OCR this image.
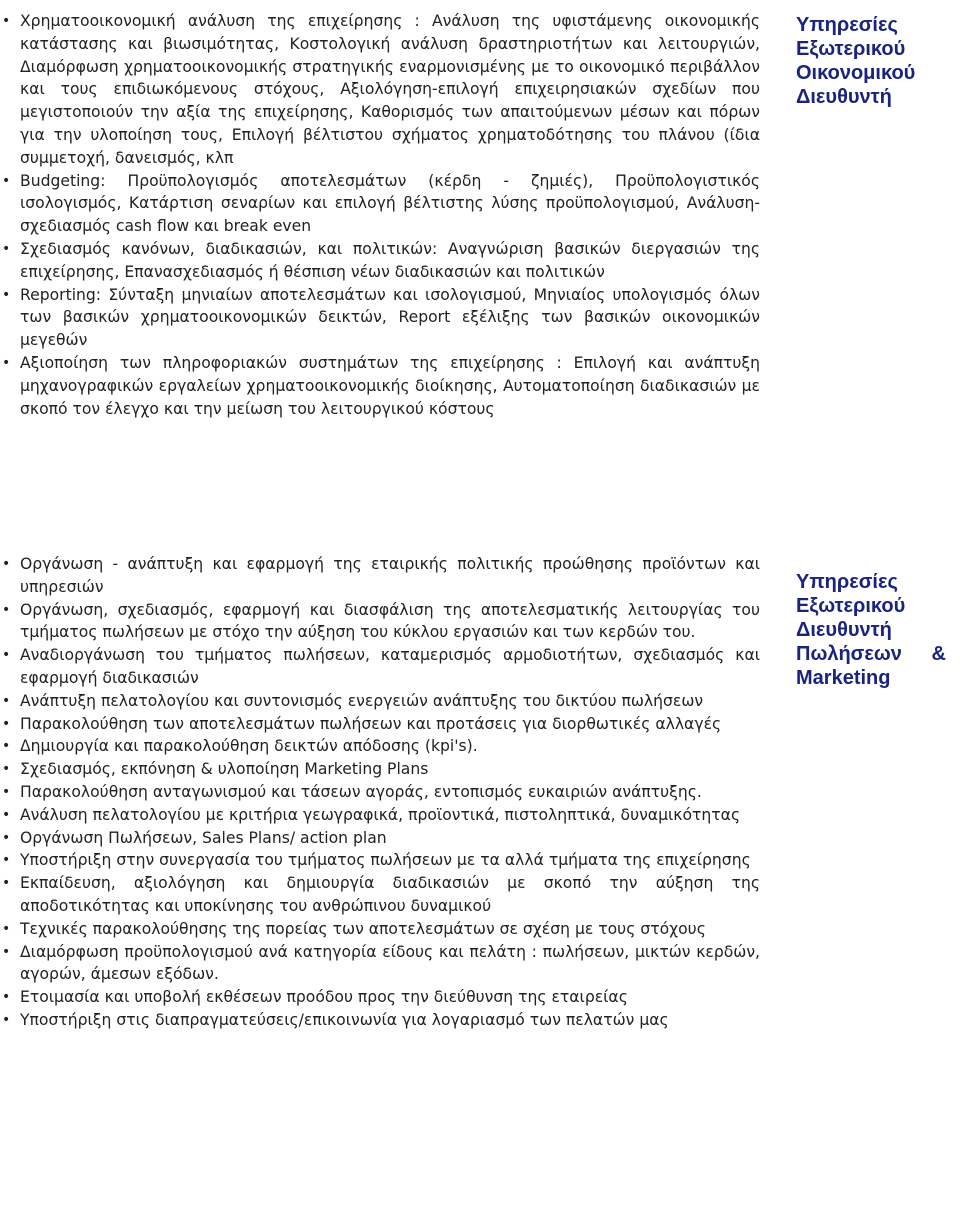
• Χρηματοοικονομική ανάλυση της επιχείρησης : Ανάλυση της υφιστάμενης οικονομικής κατάστασης και βιωσιμότητας, Κοστολογική ανάλυση δραστηριοτήτων και λειτουργιών, Διαμόρφωση χρηματοοικονομικής στρατηγικής εναρμονισμένης με το οικονομικό περιβάλλον και τους επιδιωκόμενους στόχους, Αξιολόγηση-επιλογή επιχειρησιακών σχεδίων που μεγιστοποιούν την αξία της επιχείρησης, Καθορισμός των απαιτούμενων μέσων και πόρων για την υλοποίηση τους, Επιλογή βέλτιστου σχήματος χρηματοδότησης του πλάνου (ίδια συμμετοχή, δανεισμός, κλπ
• Budgeting: Προϋπολογισμός αποτελεσμάτων (κέρδη - ζημιές), Προϋπολογιστικός ισολογισμός, Κατάρτιση σεναρίων και επιλογή βέλτιστης λύσης προϋπολογισμού, Ανάλυση-σχεδιασμός cash flow και break even
• Σχεδιασμός κανόνων, διαδικασιών, και πολιτικών: Αναγνώριση βασικών διεργασιών της επιχείρησης, Επανασχεδιασμός ή θέσπιση νέων διαδικασιών και πολιτικών
• Reporting: Σύνταξη μηνιαίων αποτελεσμάτων και ισολογισμού, Μηνιαίος υπολογισμός όλων των βασικών χρηματοοικονομικών δεικτών, Report εξέλιξης των βασικών οικονομικών μεγεθών
• Αξιοποίηση των πληροφοριακών συστημάτων της επιχείρησης : Επιλογή και ανάπτυξη μηχανογραφικών εργαλείων χρηματοοικονομικής διοίκησης, Αυτοματοποίηση διαδικασιών με σκοπό τον έλεγχο και την μείωση του λειτουργικού κόστους
Υπηρεσίες
Εξωτερικού
Οικονομικού
Διευθυντή
• Οργάνωση - ανάπτυξη και εφαρμογή της εταιρικής πολιτικής προώθησης προϊόντων και υπηρεσιών
• Οργάνωση, σχεδιασμός, εφαρμογή και διασφάλιση της αποτελεσματικής λειτουργίας του τμήματος πωλήσεων με στόχο την αύξηση του κύκλου εργασιών και των κερδών του.
• Αναδιοργάνωση του τμήματος πωλήσεων, καταμερισμός αρμοδιοτήτων, σχεδιασμός και εφαρμογή διαδικασιών
• Ανάπτυξη πελατολογίου και συντονισμός ενεργειών ανάπτυξης του δικτύου πωλήσεων
• Παρακολούθηση των αποτελεσμάτων πωλήσεων και προτάσεις για διορθωτικές αλλαγές
• Δημιουργία και παρακολούθηση δεικτών απόδοσης (kpi's).
• Σχεδιασμός, εκπόνηση & υλοποίηση Marketing Plans
• Παρακολούθηση ανταγωνισμού και τάσεων αγοράς, εντοπισμός ευκαιριών ανάπτυξης.
• Ανάλυση πελατολογίου με κριτήρια γεωγραφικά, προϊοντικά, πιστοληπτικά, δυναμικότητας
• Οργάνωση Πωλήσεων, Sales Plans/ action plan
• Υποστήριξη στην συνεργασία του τμήματος πωλήσεων με τα αλλά τμήματα της επιχείρησης
• Εκπαίδευση, αξιολόγηση και δημιουργία διαδικασιών με σκοπό την αύξηση της αποδοτικότητας και υποκίνησης του ανθρώπινου δυναμικού
• Τεχνικές παρακολούθησης της πορείας των αποτελεσμάτων σε σχέση με τους στόχους
• Διαμόρφωση προϋπολογισμού ανά κατηγορία είδους και πελάτη : πωλήσεων, μικτών κερδών, αγορών, άμεσων εξόδων.
• Ετοιμασία και υποβολή εκθέσεων προόδου προς την διεύθυνση της εταιρείας
• Υποστήριξη στις διαπραγματεύσεις/επικοινωνία για λογαριασμό των πελατών μας
Υπηρεσίες
Εξωτερικού
Διευθυντή
Πωλήσεων &
Marketing
